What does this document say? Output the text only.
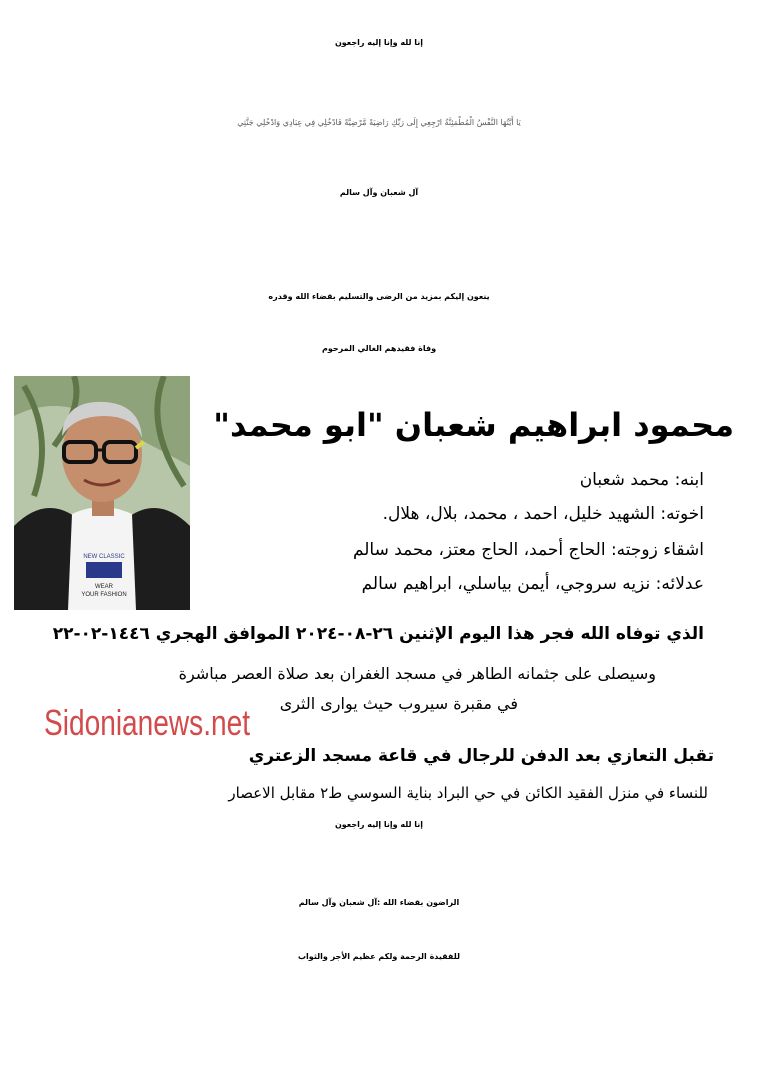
إنا لله وإنا إليه راجعون
يَا أَيَّتُهَا النَّفْسُ الْمُطْمَئِنَّةُ ارْجِعِي إِلَى رَبِّكِ رَاضِيَةً مَّرْضِيَّةً فَادْخُلِي فِي عِبَادِي وَادْخُلِي جَنَّتِي
آل شعبان وآل سالم
ينعون إليكم بمزيد من الرضى والتسليم بقضاء الله وقدره
وفاة فقيدهم الغالي المرحوم
NEW CLASSIC
WEAR
YOUR FASHION
محمود ابراهيم شعبان "ابو محمد"
ابنه: محمد شعبان
اخوته: الشهيد خليل، احمد ، محمد، بلال، هلال.
اشقاء زوجته: الحاج أحمد، الحاج معتز، محمد سالم
عدلائه: نزيه سروجي، أيمن بياسلي، ابراهيم سالم
الذي توفاه الله فجر هذا اليوم الإثنين ٢٦-٠٨-٢٠٢٤ الموافق الهجري ١٤٤٦-٠٢-٢٢
وسيصلى على جثمانه الطاهر في مسجد الغفران بعد صلاة العصر مباشرة
في مقبرة سيروب حيث يوارى الثرى
Sidonianews.net
تقبل التعازي بعد الدفن للرجال في قاعة مسجد الزعتري
للنساء في منزل الفقيد الكائن في حي البراد بناية السوسي ط٢ مقابل الاعصار
إنا لله وإنا إليه راجعون
الراضون بقضاء الله :آل شعبان وآل سالم
للفقيدة الرحمة ولكم عظيم الأجر والثواب
